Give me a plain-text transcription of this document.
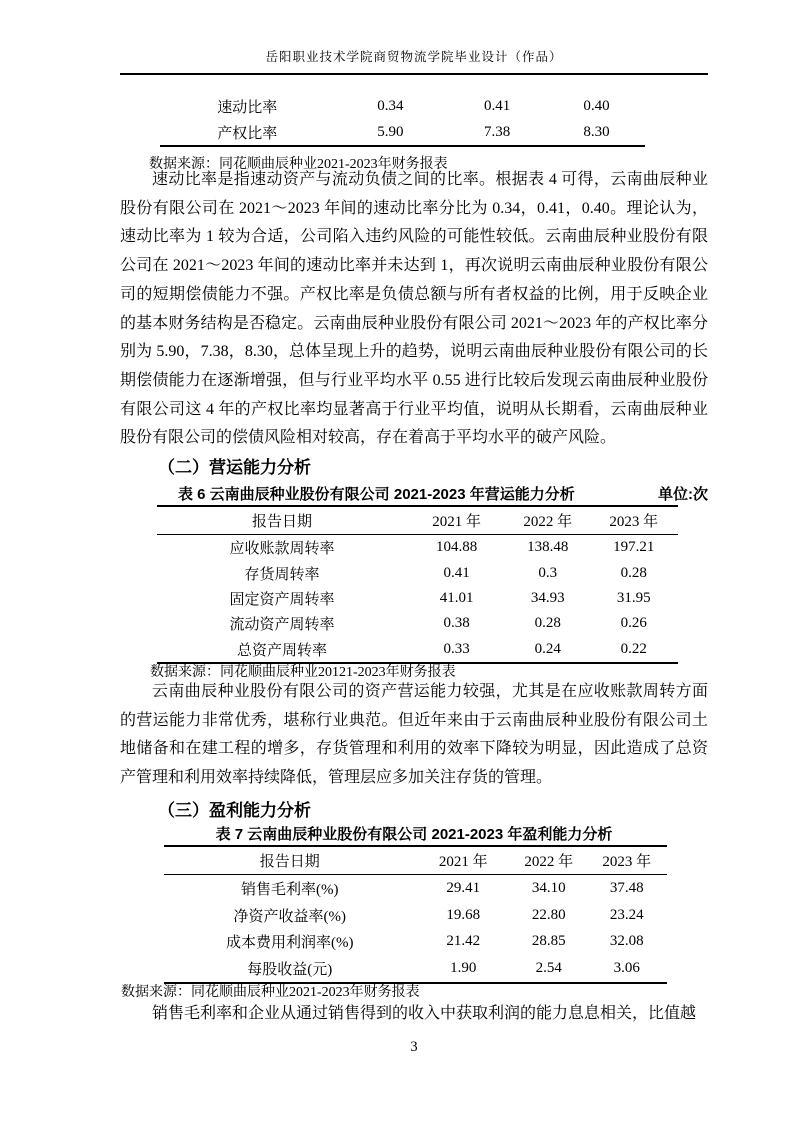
岳阳职业技术学院商贸物流学院毕业设计（作品）
速动比率	0.34	0.41	0.40
产权比率	5.90	7.38	8.30
数据来源：同花顺曲辰种业2021-2023年财务报表
速动比率是指速动资产与流动负债之间的比率。根据表 4 可得，云南曲辰种业股份有限公司在 2021～2023 年间的速动比率分比为 0.34，0.41，0.40。理论认为，速动比率为 1 较为合适，公司陷入违约风险的可能性较低。云南曲辰种业股份有限公司在 2021～2023 年间的速动比率并未达到 1，再次说明云南曲辰种业股份有限公司的短期偿债能力不强。产权比率是负债总额与所有者权益的比例，用于反映企业的基本财务结构是否稳定。云南曲辰种业股份有限公司 2021～2023 年的产权比率分别为 5.90，7.38，8.30，总体呈现上升的趋势，说明云南曲辰种业股份有限公司的长期偿债能力在逐渐增强，但与行业平均水平 0.55 进行比较后发现云南曲辰种业股份有限公司这 4 年的产权比率均显著高于行业平均值，说明从长期看，云南曲辰种业股份有限公司的偿债风险相对较高，存在着高于平均水平的破产风险。
（二）营运能力分析
表 6 云南曲辰种业股份有限公司 2021-2023 年营运能力分析	单位:次
报告日期	2021 年	2022 年	2023 年
应收账款周转率	104.88	138.48	197.21
存货周转率	0.41	0.3	0.28
固定资产周转率	41.01	34.93	31.95
流动资产周转率	0.38	0.28	0.26
总资产周转率	0.33	0.24	0.22
数据来源：同花顺曲辰种业20121-2023年财务报表
云南曲辰种业股份有限公司的资产营运能力较强，尤其是在应收账款周转方面的营运能力非常优秀，堪称行业典范。但近年来由于云南曲辰种业股份有限公司土地储备和在建工程的增多，存货管理和利用的效率下降较为明显，因此造成了总资产管理和利用效率持续降低，管理层应多加关注存货的管理。
（三）盈利能力分析
表 7 云南曲辰种业股份有限公司 2021-2023 年盈利能力分析
报告日期	2021 年	2022 年	2023 年
销售毛利率(%)	29.41	34.10	37.48
净资产收益率(%)	19.68	22.80	23.24
成本费用利润率(%)	21.42	28.85	32.08
每股收益(元)	1.90	2.54	3.06
数据来源：同花顺曲辰种业2021-2023年财务报表
销售毛利率和企业从通过销售得到的收入中获取利润的能力息息相关，比值越
3
